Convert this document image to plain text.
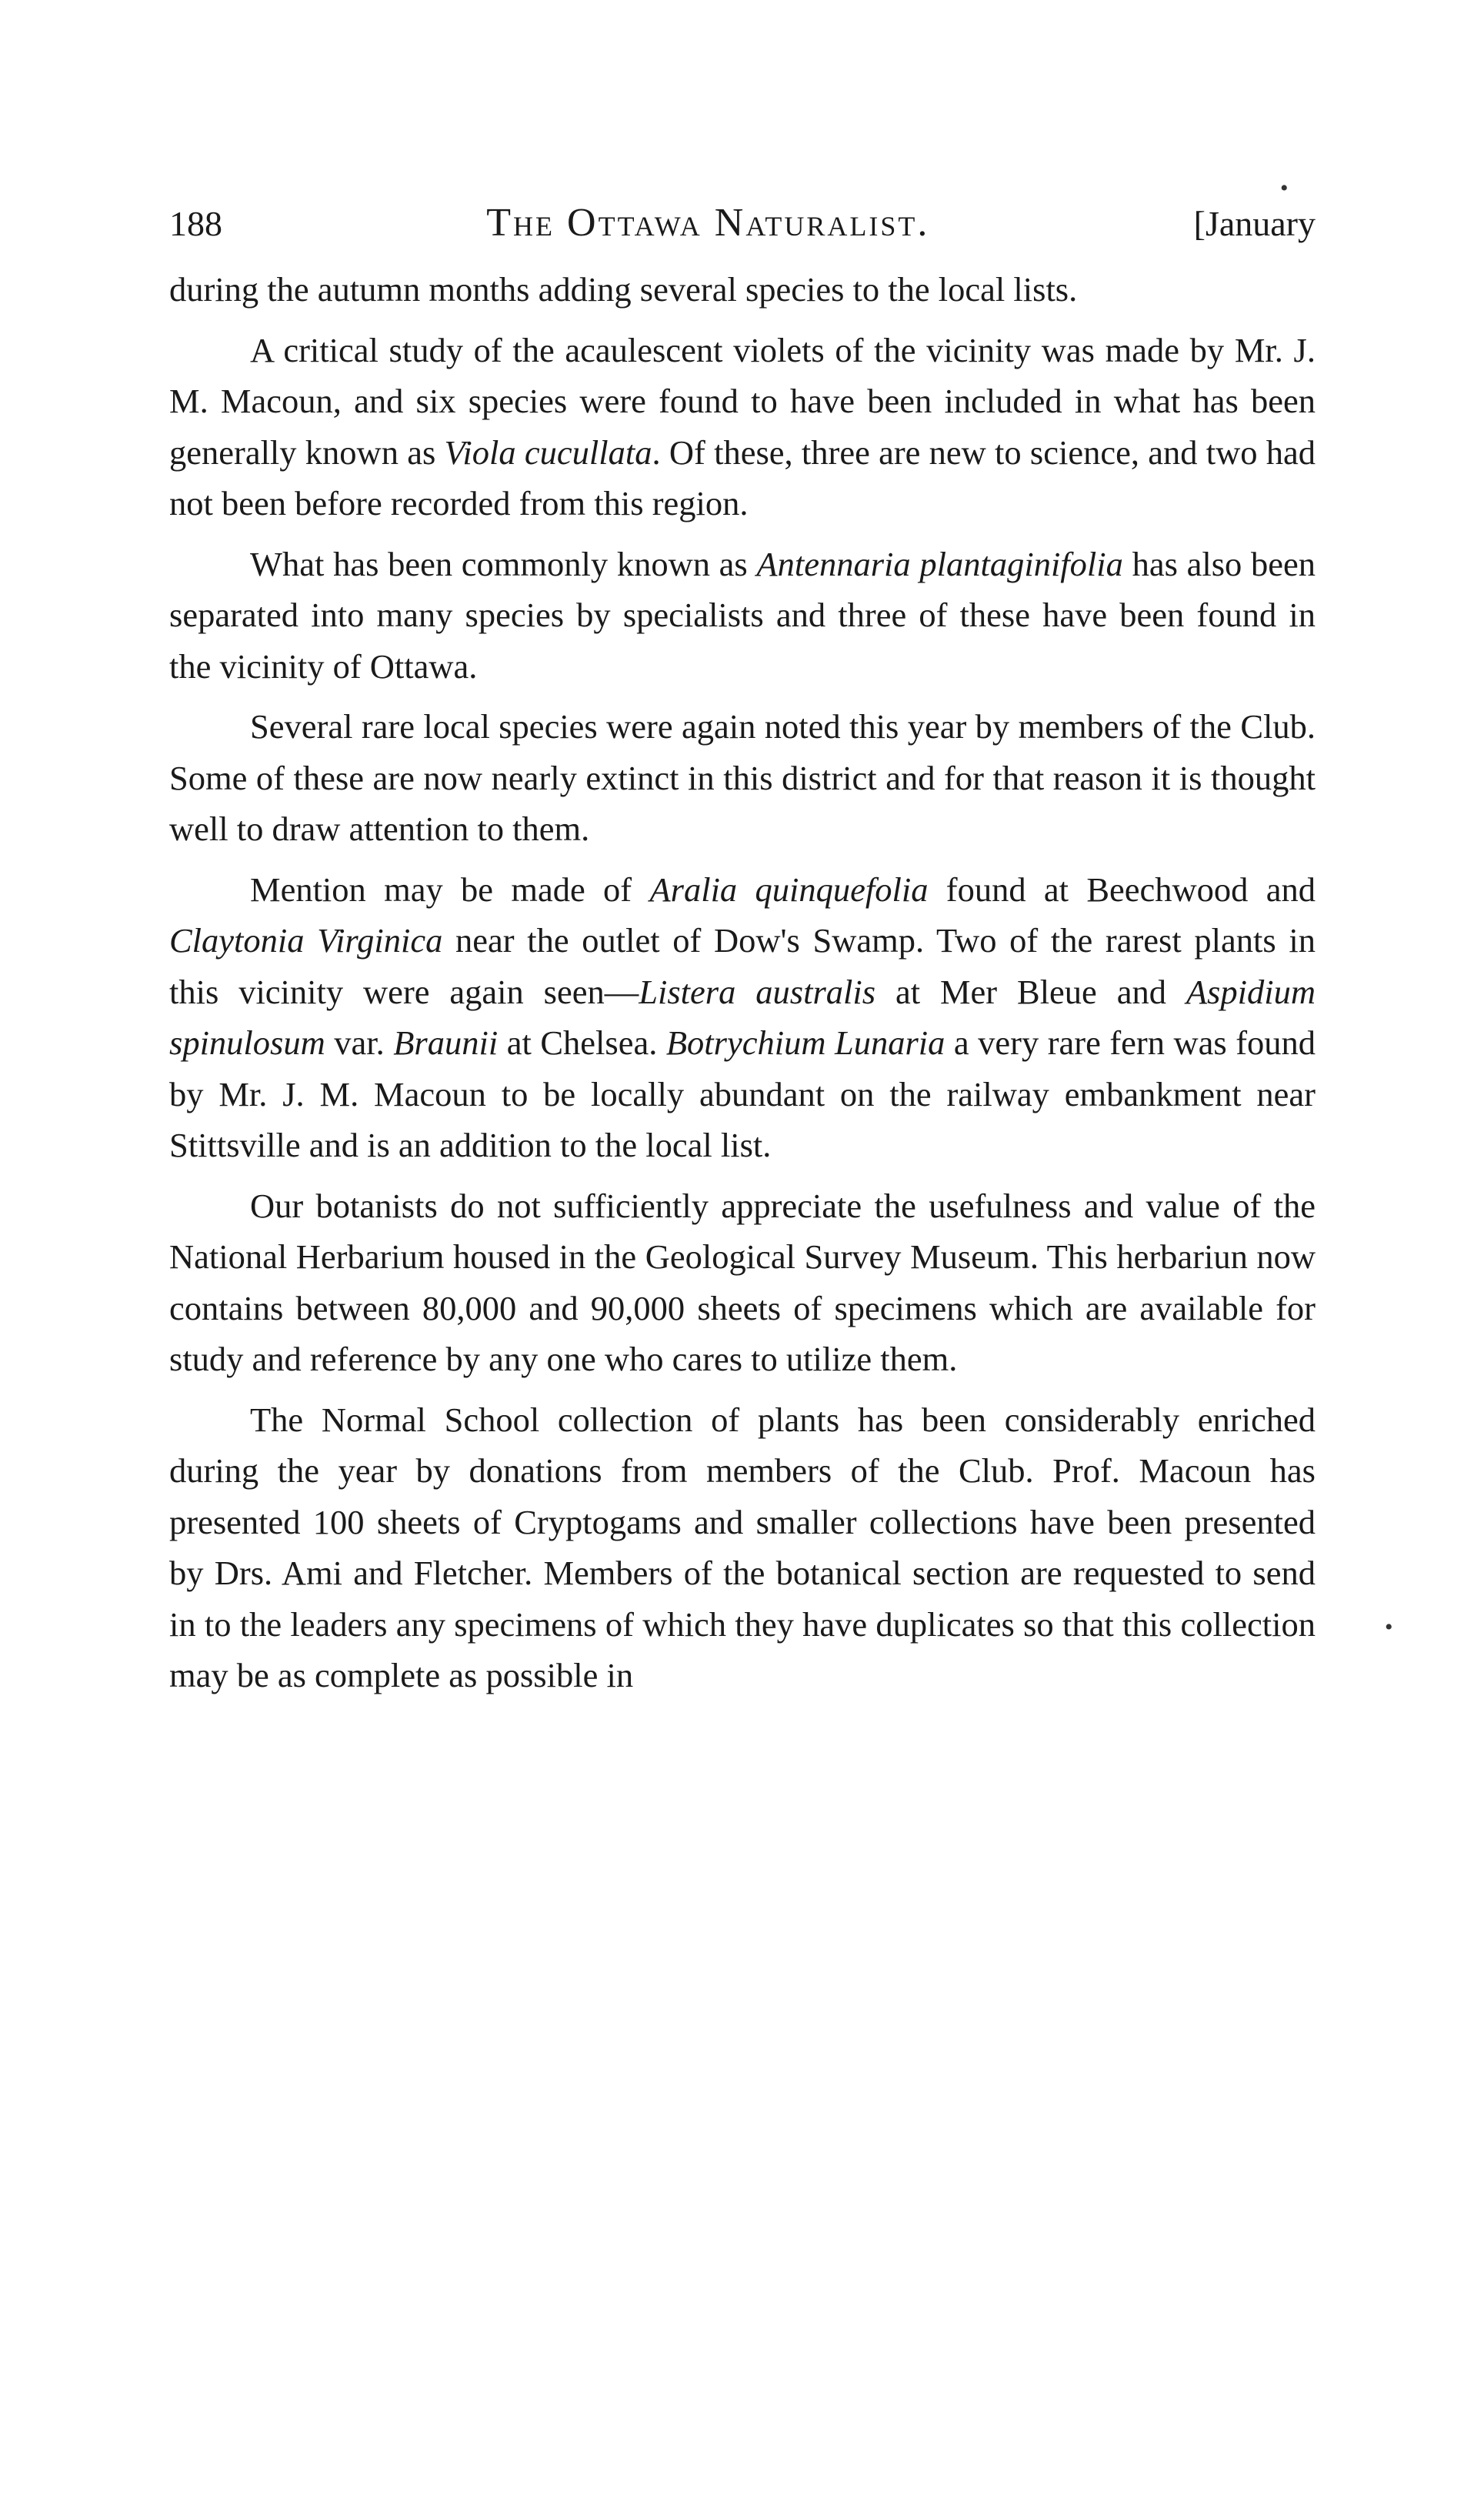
•
•
188	The Ottawa Naturalist.	[January

during the autumn months adding several species to the local lists.

A critical study of the acaulescent violets of the vicinity was made by Mr. J. M. Macoun, and six species were found to have been included in what has been generally known as Viola cucullata. Of these, three are new to science, and two had not been before recorded from this region.

What has been commonly known as Antennaria plantaginifolia has also been separated into many species by specialists and three of these have been found in the vicinity of Ottawa.

Several rare local species were again noted this year by members of the Club. Some of these are now nearly extinct in this district and for that reason it is thought well to draw attention to them.

Mention may be made of Aralia quinquefolia found at Beechwood and Claytonia Virginica near the outlet of Dow's Swamp. Two of the rarest plants in this vicinity were again seen—Listera australis at Mer Bleue and Aspidium spinulosum var. Braunii at Chelsea. Botrychium Lunaria a very rare fern was found by Mr. J. M. Macoun to be locally abundant on the railway embankment near Stittsville and is an addition to the local list.

Our botanists do not sufficiently appreciate the usefulness and value of the National Herbarium housed in the Geological Survey Museum. This herbariun now contains between 80,000 and 90,000 sheets of specimens which are available for study and reference by any one who cares to utilize them.

The Normal School collection of plants has been considerably enriched during the year by donations from members of the Club. Prof. Macoun has presented 100 sheets of Cryptogams and smaller collections have been presented by Drs. Ami and Fletcher. Members of the botanical section are requested to send in to the leaders any specimens of which they have duplicates so that this collection may be as complete as possible in
